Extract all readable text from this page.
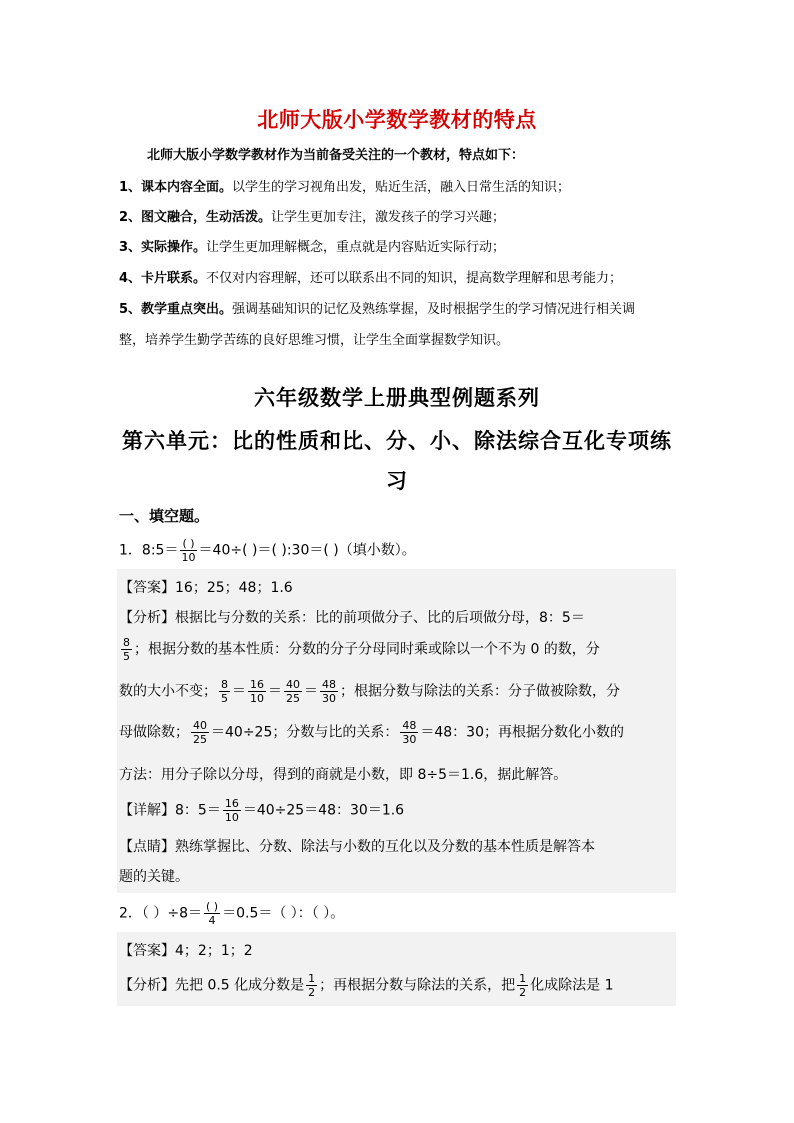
北师大版小学数学教材的特点
北师大版小学数学教材作为当前备受关注的一个教材，特点如下：
1、课本内容全面。以学生的学习视角出发，贴近生活，融入日常生活的知识；
2、图文融合，生动活泼。让学生更加专注，激发孩子的学习兴趣；
3、实际操作。让学生更加理解概念，重点就是内容贴近实际行动；
4、卡片联系。不仅对内容理解，还可以联系出不同的知识，提高数学理解和思考能力；
5、教学重点突出。强调基础知识的记忆及熟练掌握，及时根据学生的学习情况进行相关调
整，培养学生勤学苦练的良好思维习惯，让学生全面掌握数学知识。
六年级数学上册典型例题系列
第六单元：比的性质和比、分、小、除法综合互化专项练
习
一、填空题。
1．8:5＝ $\frac{( )}{10} =40\div$( )＝( ):30＝( )（填小数）。
【答案】16；25；48；1.6
【分析】根据比与分数的关系：比的前项做分子、比的后项做分母，8：5＝
$\frac{8}{5}$ ；根据分数的基本性质：分数的分子分母同时乘或除以一个不为 0 的数，分
数的大小不变； $\frac{8}{5} = \frac{16}{10} = \frac{40}{25} = \frac{48}{30}$ ；根据分数与除法的关系：分子做被除数，分
母做除数； $\frac{40}{25} =40\div 25$；分数与比的关系： $\frac{48}{30} =48$：30；再根据分数化小数的
方法：用分子除以分母，得到的商就是小数，即 8÷5＝1.6，据此解答。
【详解】8：$5= \frac{16}{10} =40\div 25=48$：30＝1.6
【点睛】熟练掌握比、分数、除法与小数的互化以及分数的基本性质是解答本
题的关键。
2．（ ）$\div 8= \frac{( )}{4} =0.5=$（ ）：（ ）。
【答案】4；2；1；2
【分析】先把 0.5 化成分数是 $\frac{1}{2}$ ；再根据分数与除法的关系，把 $\frac{1}{2}$ 化成除法是 1
